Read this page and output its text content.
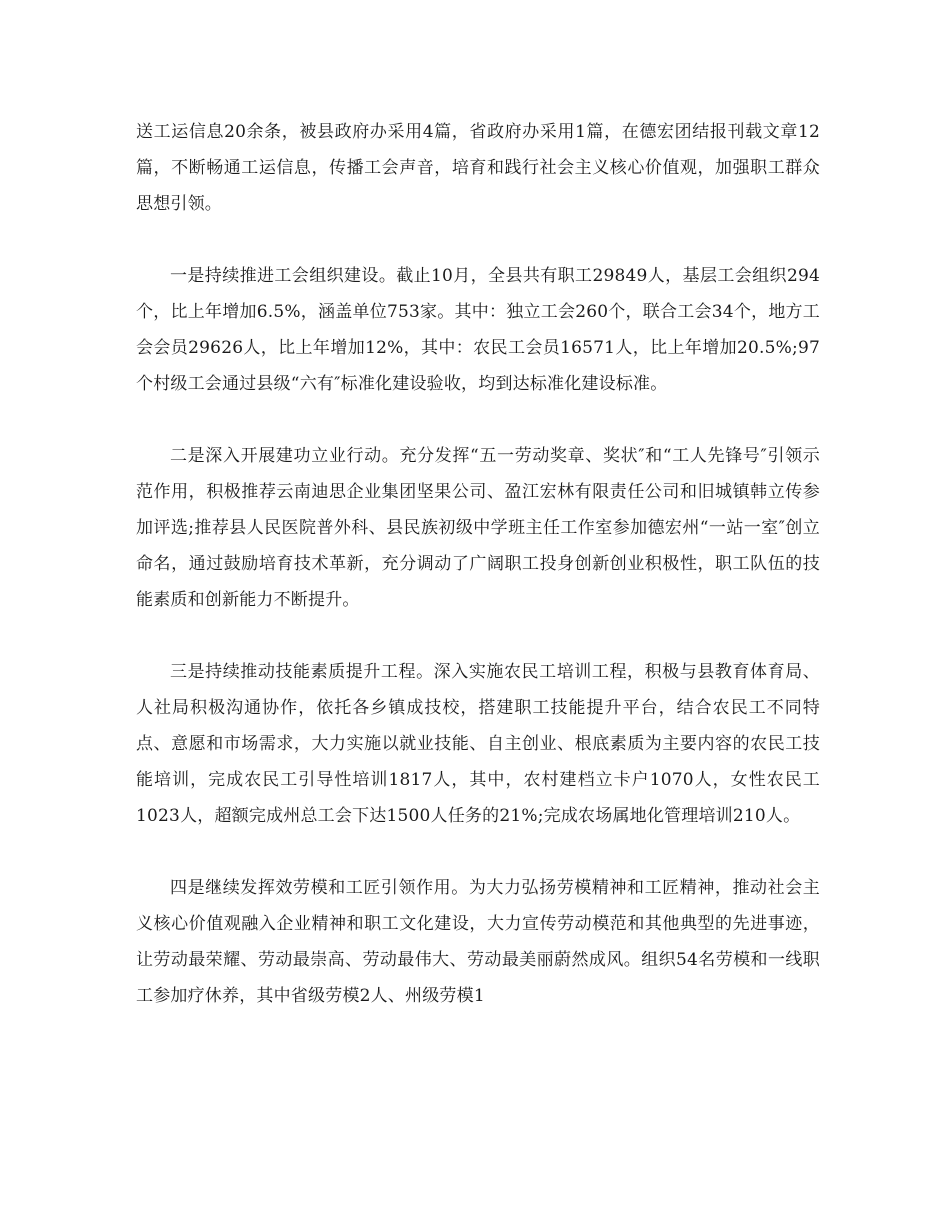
送工运信息20余条，被县政府办采用4篇，省政府办采用1篇，在德宏团结报刊载文章12篇，不断畅通工运信息，传播工会声音，培育和践行社会主义核心价值观，加强职工群众思想引领。

一是持续推进工会组织建设。截止10月，全县共有职工29849人，基层工会组织294个，比上年增加6.5%，涵盖单位753家。其中：独立工会260个，联合工会34个，地方工会会员29626人，比上年增加12%，其中：农民工会员16571人，比上年增加20.5%;97个村级工会通过县级“六有″标准化建设验收，均到达标准化建设标准。

二是深入开展建功立业行动。充分发挥“五一劳动奖章、奖状″和“工人先锋号″引领示范作用，积极推荐云南迪思企业集团坚果公司、盈江宏林有限责任公司和旧城镇韩立传参加评选;推荐县人民医院普外科、县民族初级中学班主任工作室参加德宏州“一站一室″创立命名，通过鼓励培育技术革新，充分调动了广阔职工投身创新创业积极性，职工队伍的技能素质和创新能力不断提升。

三是持续推动技能素质提升工程。深入实施农民工培训工程，积极与县教育体育局、人社局积极沟通协作，依托各乡镇成技校，搭建职工技能提升平台，结合农民工不同特点、意愿和市场需求，大力实施以就业技能、自主创业、根底素质为主要内容的农民工技能培训，完成农民工引导性培训1817人，其中，农村建档立卡户1070人，女性农民工1023人，超额完成州总工会下达1500人任务的21%;完成农场属地化管理培训210人。

四是继续发挥效劳模和工匠引领作用。为大力弘扬劳模精神和工匠精神，推动社会主义核心价值观融入企业精神和职工文化建设，大力宣传劳动模范和其他典型的先进事迹，让劳动最荣耀、劳动最崇高、劳动最伟大、劳动最美丽蔚然成风。组织54名劳模和一线职工参加疗休养，其中省级劳模2人、州级劳模1
